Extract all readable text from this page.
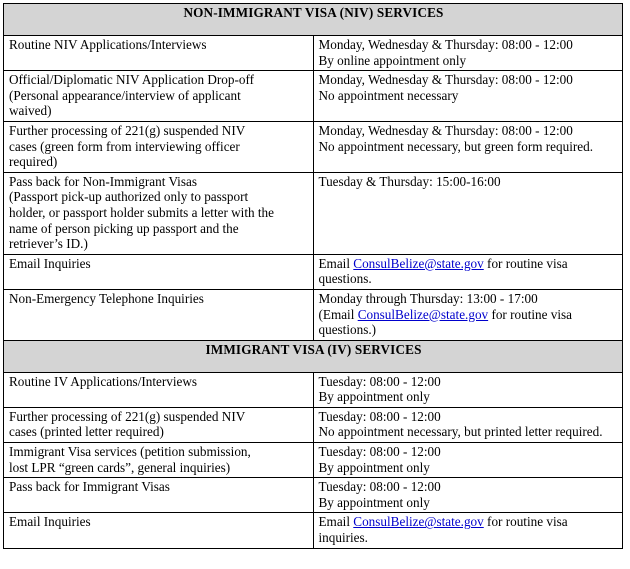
NON-IMMIGRANT VISA (NIV) SERVICES	

Routine NIV Applications/Interviews	Monday, Wednesday & Thursday: 08:00 - 12:00
By online appointment only

Official/Diplomatic NIV Application Drop-off
(Personal appearance/interview of applicant
waived)	Monday, Wednesday & Thursday: 08:00 - 12:00
No appointment necessary

Further processing of 221(g) suspended NIV
cases (green form from interviewing officer
required)	Monday, Wednesday & Thursday: 08:00 - 12:00
No appointment necessary, but green form required.

Pass back for Non-Immigrant Visas
(Passport pick-up authorized only to passport
holder, or passport holder submits a letter with the
name of person picking up passport and the
retriever’s ID.)	Tuesday & Thursday: 15:00-16:00

Email Inquiries	Email ConsulBelize@state.gov for routine visa questions.

Non-Emergency Telephone Inquiries	Monday through Thursday: 13:00 - 17:00
(Email ConsulBelize@state.gov for routine visa questions.)
IMMIGRANT VISA (IV) SERVICES	

Routine IV Applications/Interviews	Tuesday: 08:00 - 12:00
By appointment only

Further processing of 221(g) suspended NIV
cases (printed letter required)	Tuesday: 08:00 - 12:00
No appointment necessary, but printed letter required.

Immigrant Visa services (petition submission,
lost LPR “green cards”, general inquiries)	Tuesday: 08:00 - 12:00
By appointment only

Pass back for Immigrant Visas	Tuesday: 08:00 - 12:00
By appointment only

Email Inquiries	Email ConsulBelize@state.gov for routine visa inquiries.
